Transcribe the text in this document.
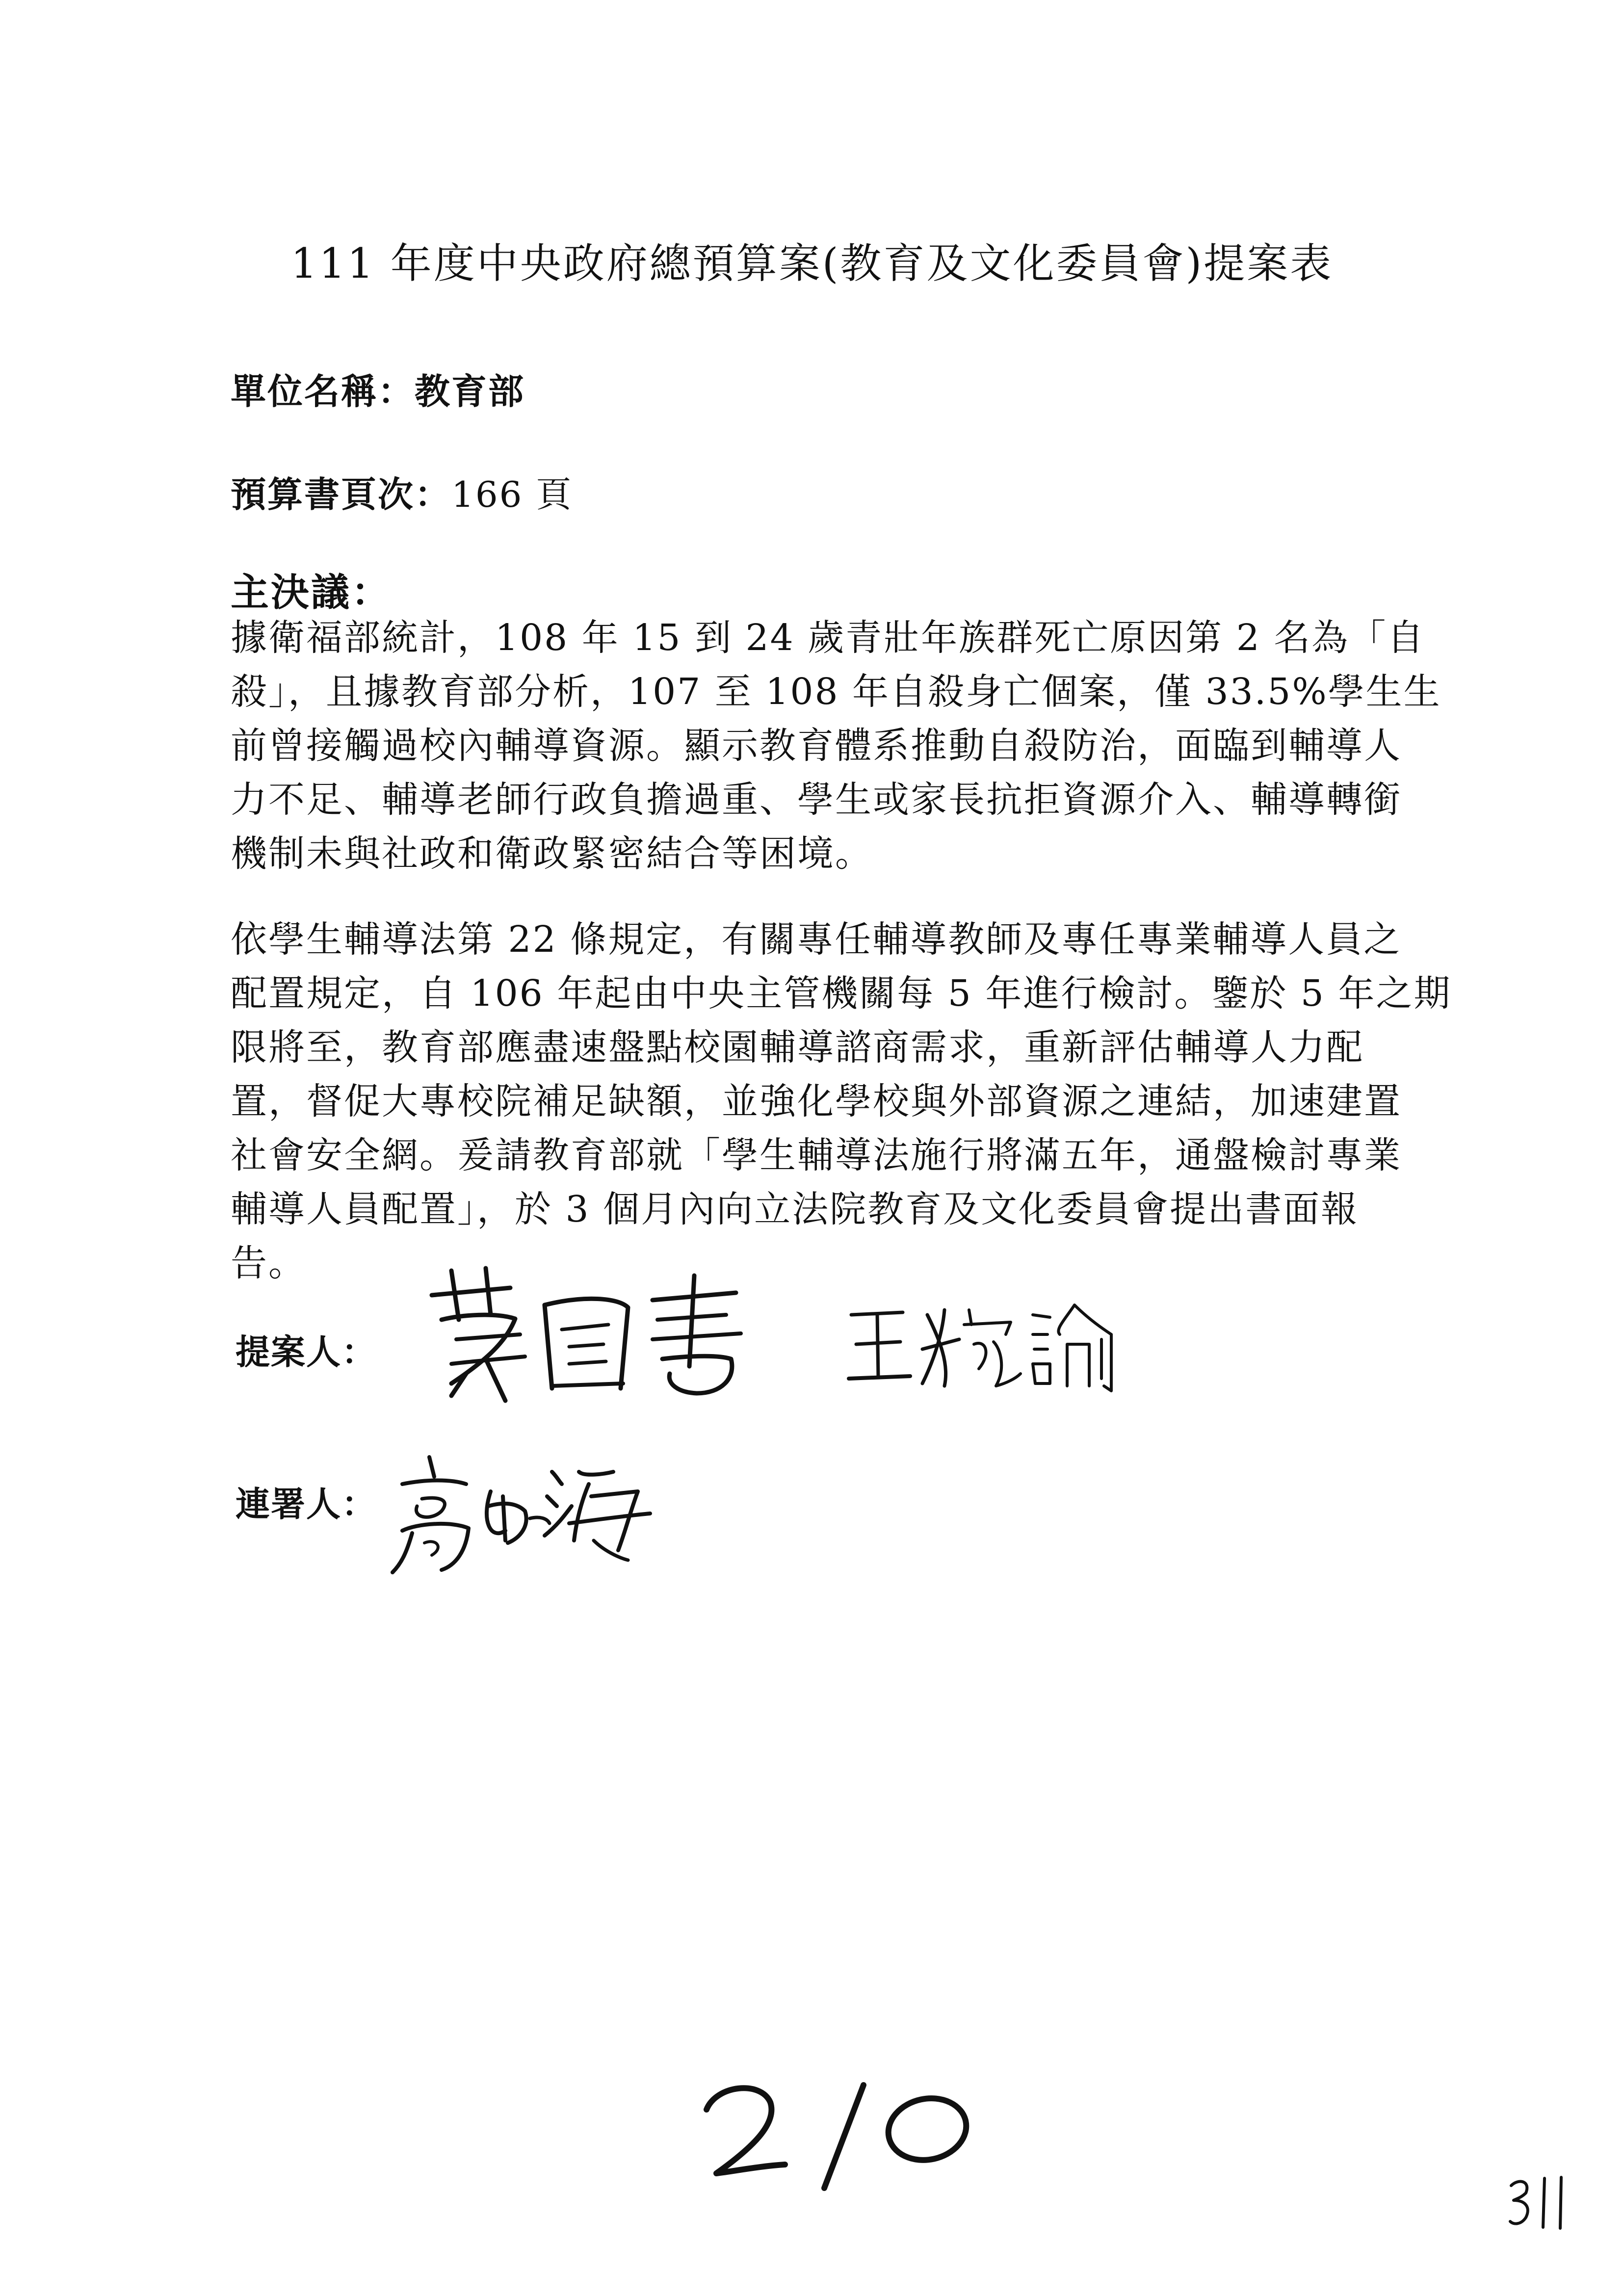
111 年度中央政府總預算案(教育及文化委員會)提案表
單位名稱：教育部
預算書頁次：166 頁
主決議：

據衛福部統計，108 年 15 到 24 歲青壯年族群死亡原因第 2 名為「自
殺」，且據教育部分析，107 至 108 年自殺身亡個案，僅 33.5%學生生
前曾接觸過校內輔導資源。顯示教育體系推動自殺防治，面臨到輔導人
力不足、輔導老師行政負擔過重、學生或家長抗拒資源介入、輔導轉銜
機制未與社政和衛政緊密結合等困境。

依學生輔導法第 22 條規定，有關專任輔導教師及專任專業輔導人員之
配置規定，自 106 年起由中央主管機關每 5 年進行檢討。鑒於 5 年之期
限將至，教育部應盡速盤點校園輔導諮商需求，重新評估輔導人力配
置，督促大專校院補足缺額，並強化學校與外部資源之連結，加速建置
社會安全網。爰請教育部就「學生輔導法施行將滿五年，通盤檢討專業
輔導人員配置」，於 3 個月內向立法院教育及文化委員會提出書面報
告。

提案人：
連署人：
